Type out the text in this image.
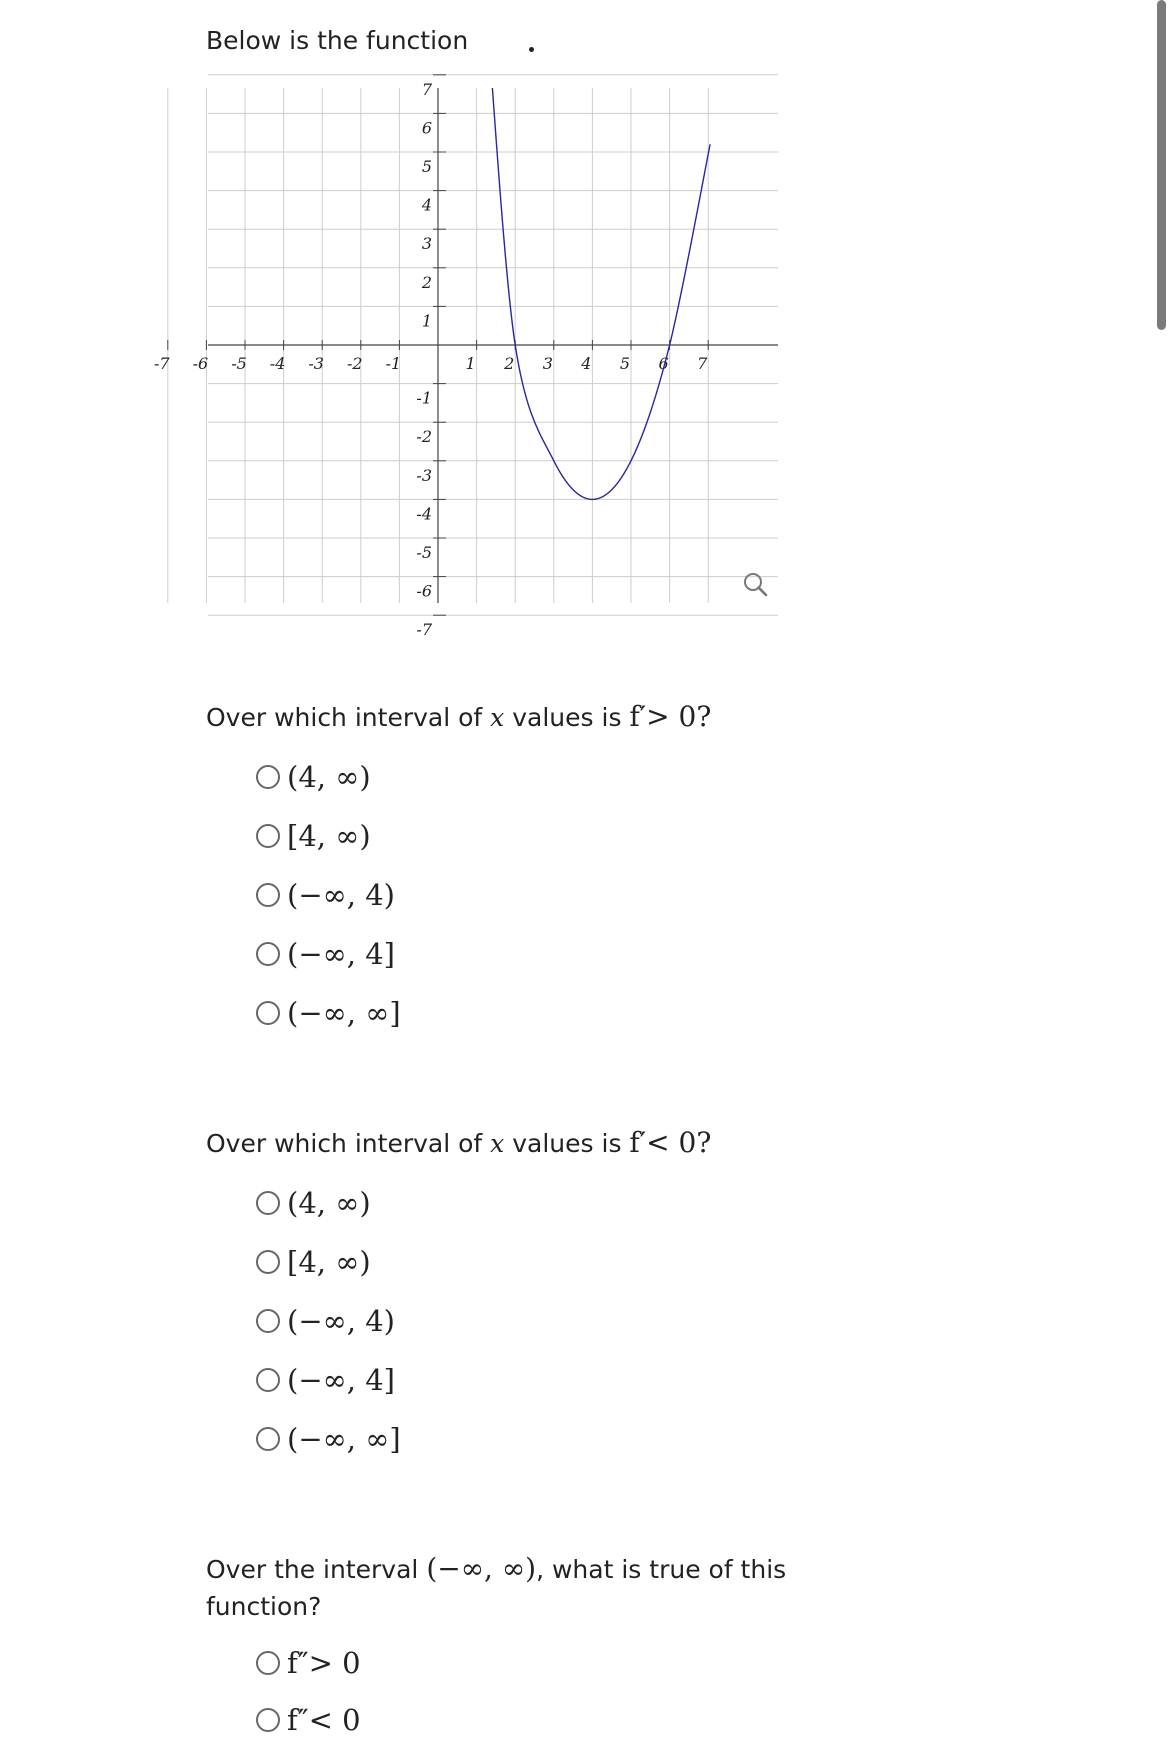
Below is the function

-7 -6 -5 -4 -3 -2 -1	1 2 3 4 5 6 7
7
6
5
4
3
2
1
-1
-2
-3
-4
-5
-6
-7

Over which interval of x values is f′> 0?

(4, ∞)
[4, ∞)
(−∞, 4)
(−∞, 4]
(−∞, ∞]

Over which interval of x values is f′< 0?

(4, ∞)
[4, ∞)
(−∞, 4)
(−∞, 4]
(−∞, ∞]

Over the interval (−∞, ∞), what is true of this
function?

f″> 0
f″< 0
